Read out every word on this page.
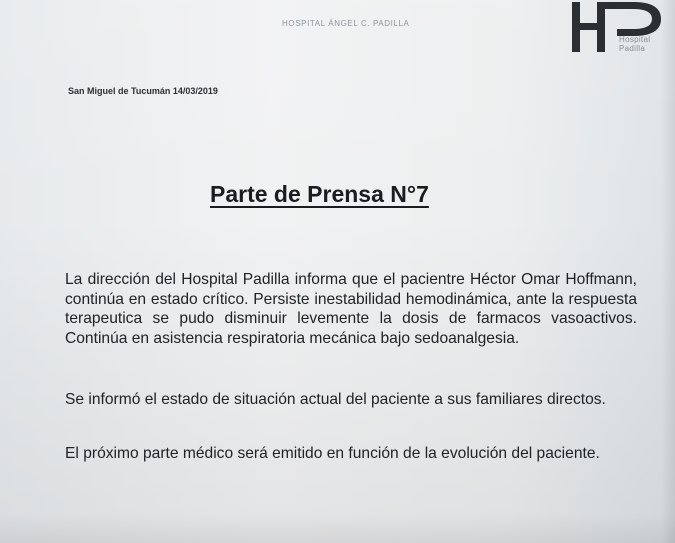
HOSPITAL ÁNGEL C. PADILLA
Hospital
Padilla
San Miguel de Tucumán 14/03/2019
Parte de Prensa N°7

La dirección del Hospital Padilla informa que el pacientre Héctor Omar Hoffmann, continúa en estado crítico. Persiste inestabilidad hemodinámica, ante la respuesta terapeutica se pudo disminuir levemente la dosis de farmacos vasoactivos. Continúa en asistencia respiratoria mecánica bajo sedoanalgesia.

Se informó el estado de situación actual del paciente a sus familiares directos.

El próximo parte médico será emitido en función de la evolución del paciente.
